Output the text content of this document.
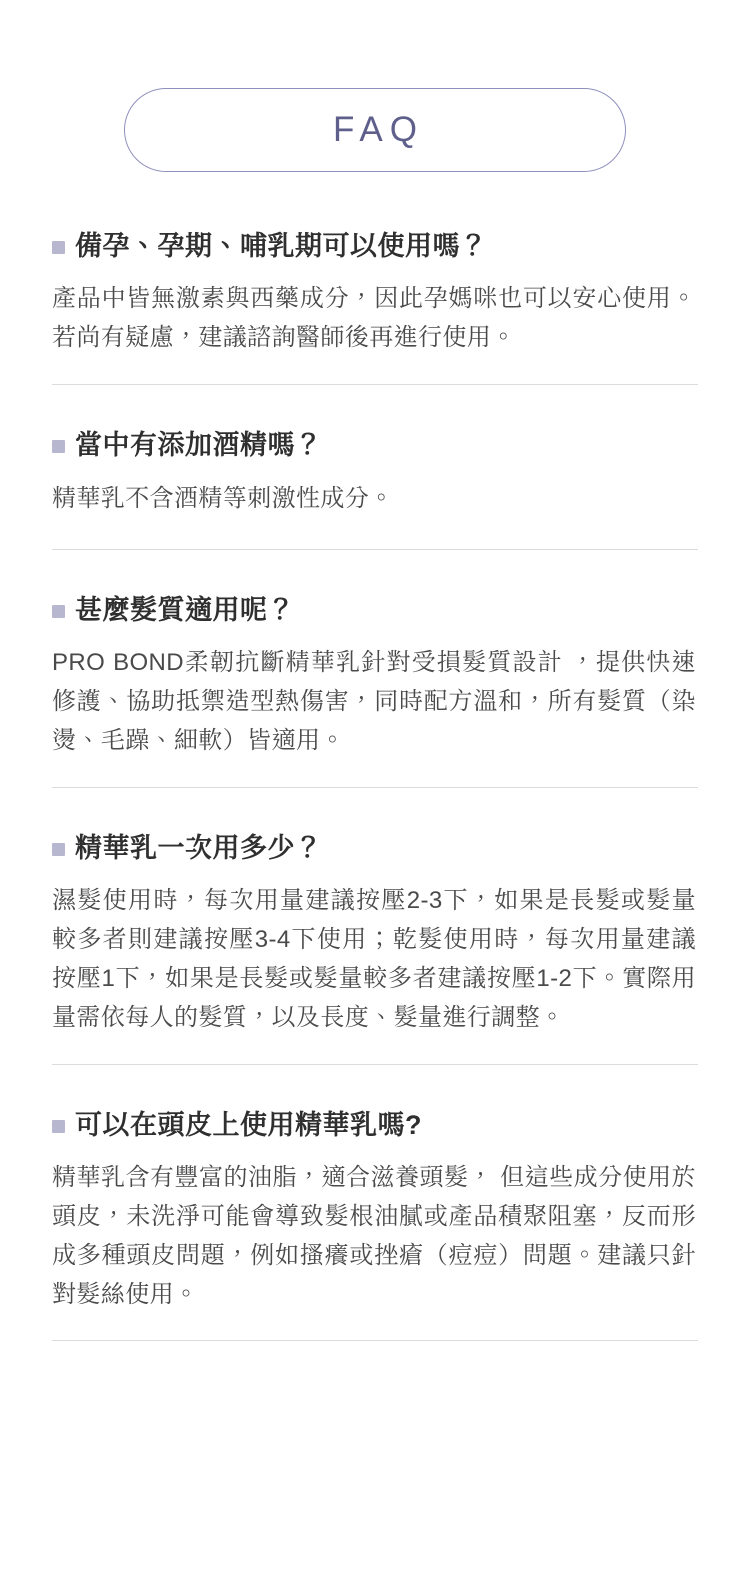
FAQ
備孕、孕期、哺乳期可以使用嗎？

產品中皆無激素與西藥成分，因此孕媽咪也可以安心使用。若尚有疑慮，建議諮詢醫師後再進行使用。

當中有添加酒精嗎？

精華乳不含酒精等刺激性成分。

甚麼髮質適用呢？

PRO BOND柔韌抗斷精華乳針對受損髮質設計 ，提供快速修護、協助抵禦造型熱傷害，同時配方溫和，所有髮質（染燙、毛躁、細軟）皆適用。

精華乳一次用多少？

濕髮使用時，每次用量建議按壓2-3下，如果是長髮或髮量較多者則建議按壓3-4下使用；乾髮使用時，每次用量建議按壓1下，如果是長髮或髮量較多者建議按壓1-2下。實際用量需依每人的髮質，以及長度、髮量進行調整。

可以在頭皮上使用精華乳嗎?

精華乳含有豐富的油脂，適合滋養頭髮， 但這些成分使用於頭皮，未洗淨可能會導致髮根油膩或產品積聚阻塞，反而形成多種頭皮問題，例如搔癢或挫瘡（痘痘）問題。建議只針對髮絲使用。
